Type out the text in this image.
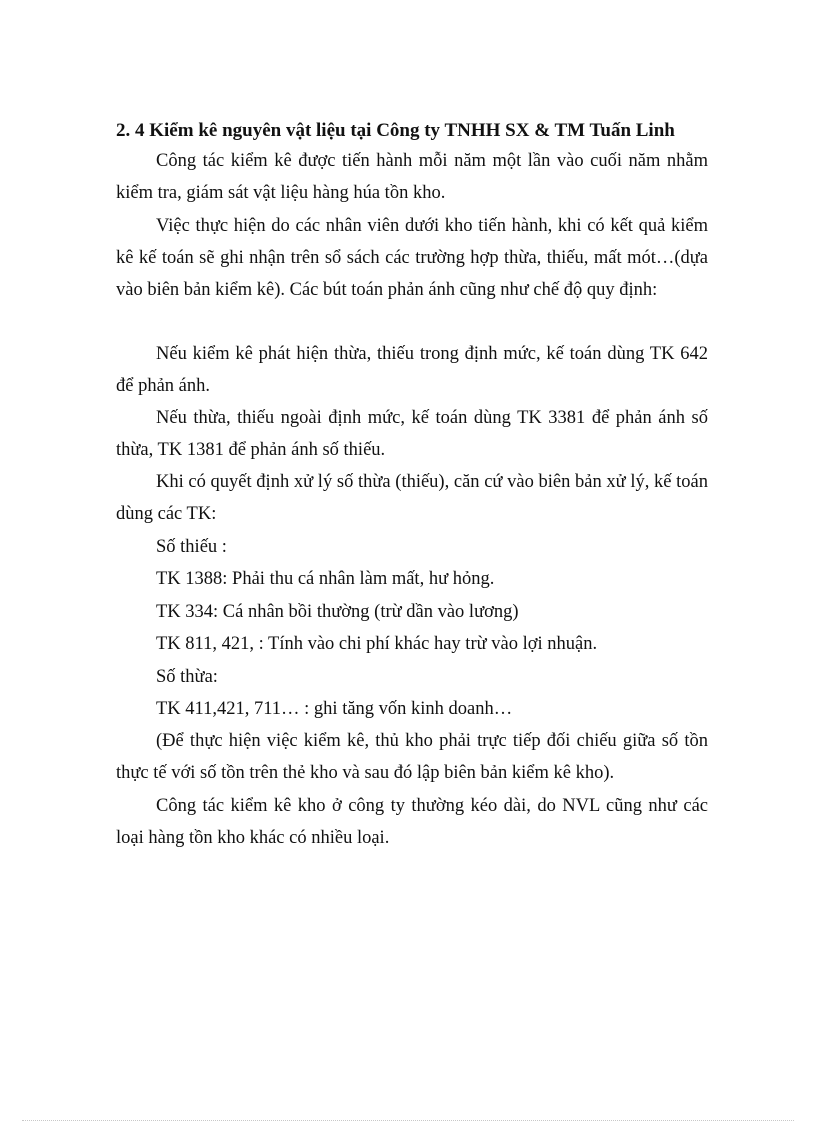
2. 4 Kiểm kê nguyên vật liệu tại Công ty TNHH SX & TM Tuấn Linh
Công tác kiểm kê được tiến hành mỗi năm một lần vào cuối năm nhằm kiểm tra, giám sát vật liệu hàng húa tồn kho.
Việc thực hiện do các nhân viên dưới kho tiến hành, khi có kết quả kiểm kê kế toán sẽ ghi nhận trên sổ sách các trường hợp thừa, thiếu, mất mót…(dựa vào biên bản kiểm kê). Các bút toán phản ánh cũng như chế độ quy định:
Nếu kiểm kê phát hiện thừa, thiếu trong định mức, kế toán dùng TK 642 để phản ánh.
Nếu thừa, thiếu ngoài định mức, kế toán dùng TK 3381 để phản ánh số thừa, TK 1381 để phản ánh số thiếu.
Khi có quyết định xử lý số thừa (thiếu), căn cứ vào biên bản xử lý, kế toán dùng các TK:
Số thiếu :
TK 1388: Phải thu cá nhân làm mất, hư hỏng.
TK 334: Cá nhân bồi thường (trừ dần vào lương)
TK 811, 421, : Tính vào chi phí khác hay trừ vào lợi nhuận.
Số thừa:
TK 411,421, 711… : ghi tăng vốn kinh doanh…
(Để thực hiện việc kiểm kê, thủ kho phải trực tiếp đối chiếu giữa số tồn thực tế với số tồn trên thẻ kho và sau đó lập biên bản kiểm kê kho).
Công tác kiểm kê kho ở công ty thường kéo dài, do NVL cũng như các loại hàng tồn kho khác có nhiều loại.
